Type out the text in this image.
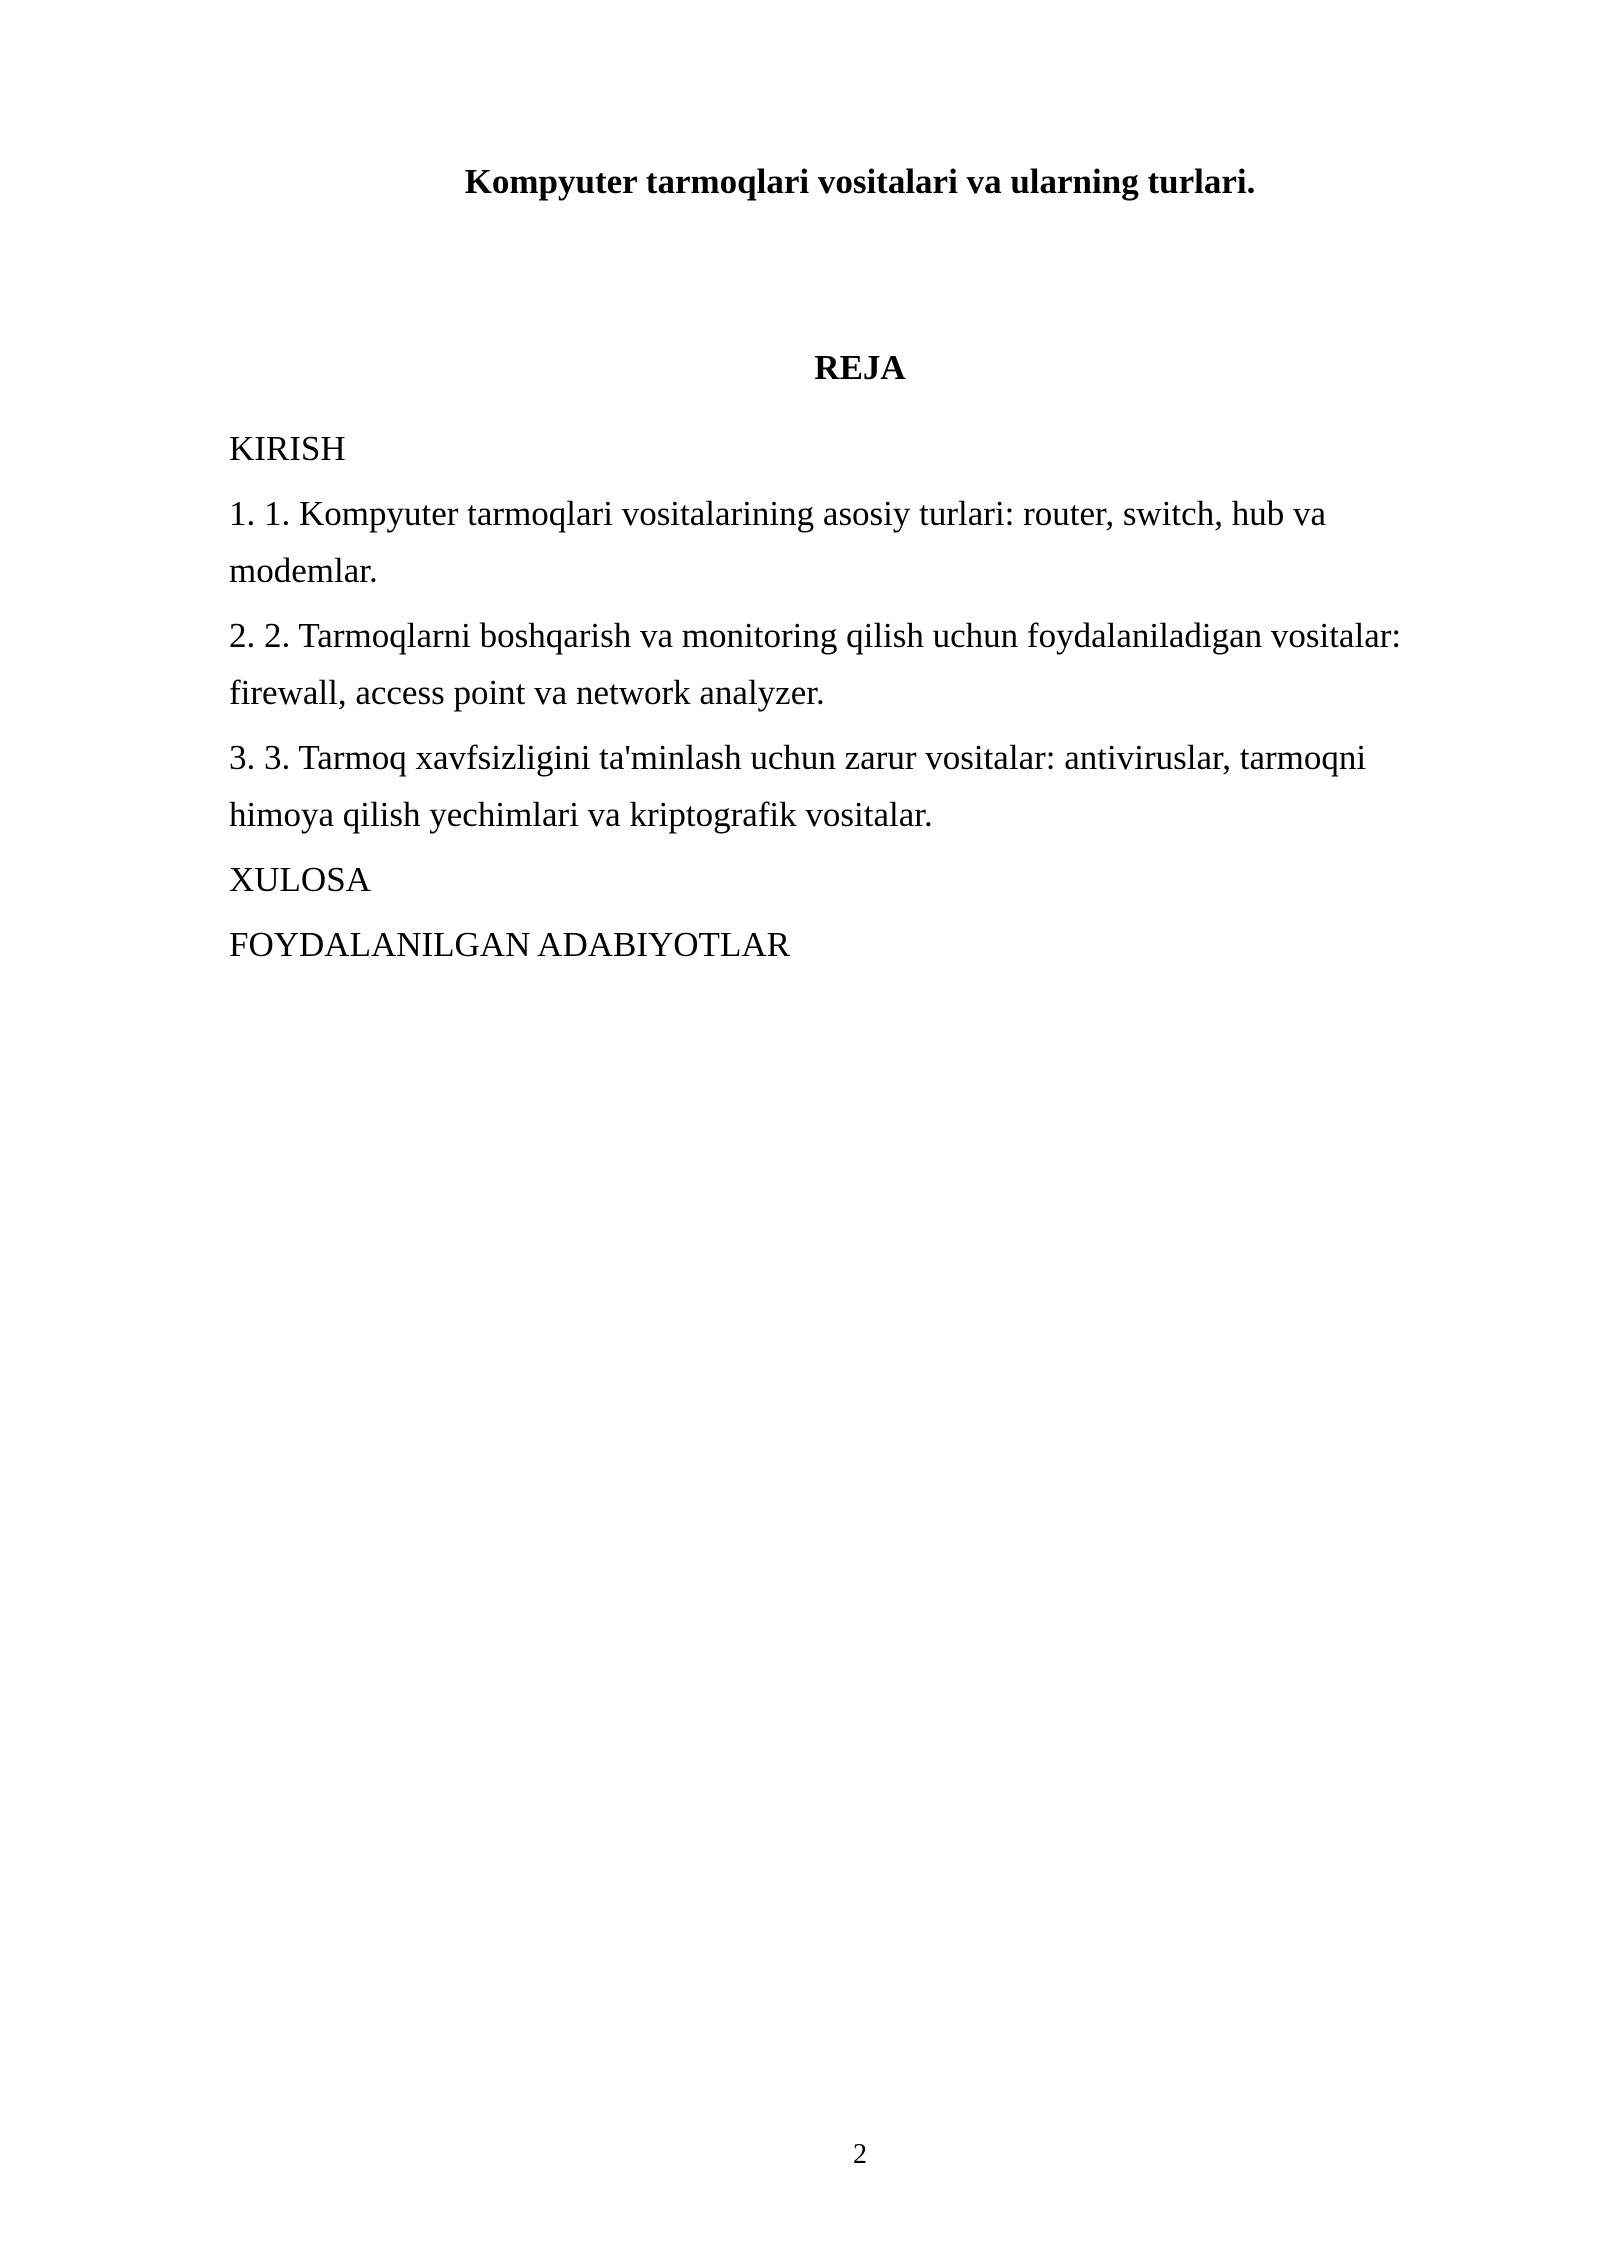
Kompyuter tarmoqlari vositalari va ularning turlari.
REJA
KIRISH
1. 1. Kompyuter tarmoqlari vositalarining asosiy turlari: router, switch, hub va modemlar.
2. 2. Tarmoqlarni boshqarish va monitoring qilish uchun foydalaniladigan vositalar: firewall, access point va network analyzer.
3. 3. Tarmoq xavfsizligini ta'minlash uchun zarur vositalar: antiviruslar, tarmoqni himoya qilish yechimlari va kriptografik vositalar.
XULOSA
FOYDALANILGAN ADABIYOTLAR
2
